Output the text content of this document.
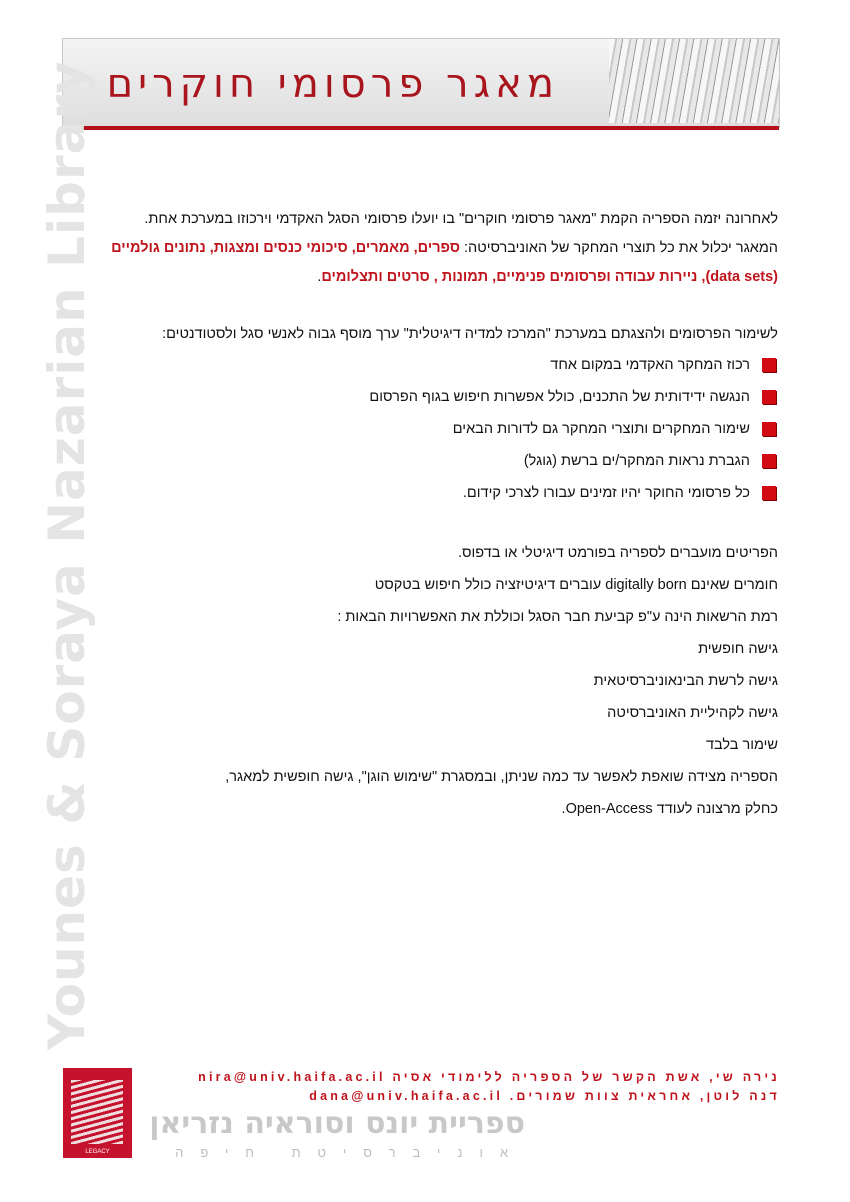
מאגר פרסומי חוקרים
Younes & Soraya Nazarian Library	לאחרונה יזמה הספריה הקמת "מאגר פרסומי חוקרים" בו יועלו פרסומי הסגל האקדמי וירכוזו במערכת אחת.
המאגר יכלול את כל תוצרי המחקר של האוניברסיטה: ספרים, מאמרים, סיכומי כנסים ומצגות, נתונים גולמיים
(data sets), ניירות עבודה ופרסומים פנימיים, תמונות , סרטים ותצלומים.
לשימור הפרסומים ולהצגתם במערכת "המרכז למדיה דיגיטלית" ערך מוסף גבוה לאנשי סגל ולסטודנטים:
רכוז המחקר האקדמי במקום אחד
הנגשה ידידותית של התכנים, כולל אפשרות חיפוש בגוף הפרסום
שימור המחקרים ותוצרי המחקר גם לדורות הבאים
הגברת נראות המחקר/ים ברשת (גוגל)
כל פרסומי החוקר יהיו זמינים עבורו לצרכי קידום.
הפריטים מועברים לספריה בפורמט דיגיטלי או בדפוס.
חומרים שאינם digitally born עוברים דיגיטיזציה כולל חיפוש בטקסט
רמת הרשאות הינה ע"פ קביעת חבר הסגל וכוללת את האפשרויות הבאות :
גישה חופשית
גישה לרשת הבינאוניברסיטאית
גישה לקהיליית האוניברסיטה
שימור בלבד
הספריה מצידה שואפת לאפשר עד כמה שניתן, ובמסגרת "שימוש הוגן", גישה חופשית למאגר,
כחלק מרצונה לעודד Open-Access.
LEGACY
נירה שי, אשת הקשר של הספריה ללימודי אסיה nira@univ.haifa.ac.il
דנה לוטן, אחראית צוות שמורים. dana@univ.haifa.ac.il
ספריית יונס וסוראיה נזריאן
אוניברסיטת חיפה
